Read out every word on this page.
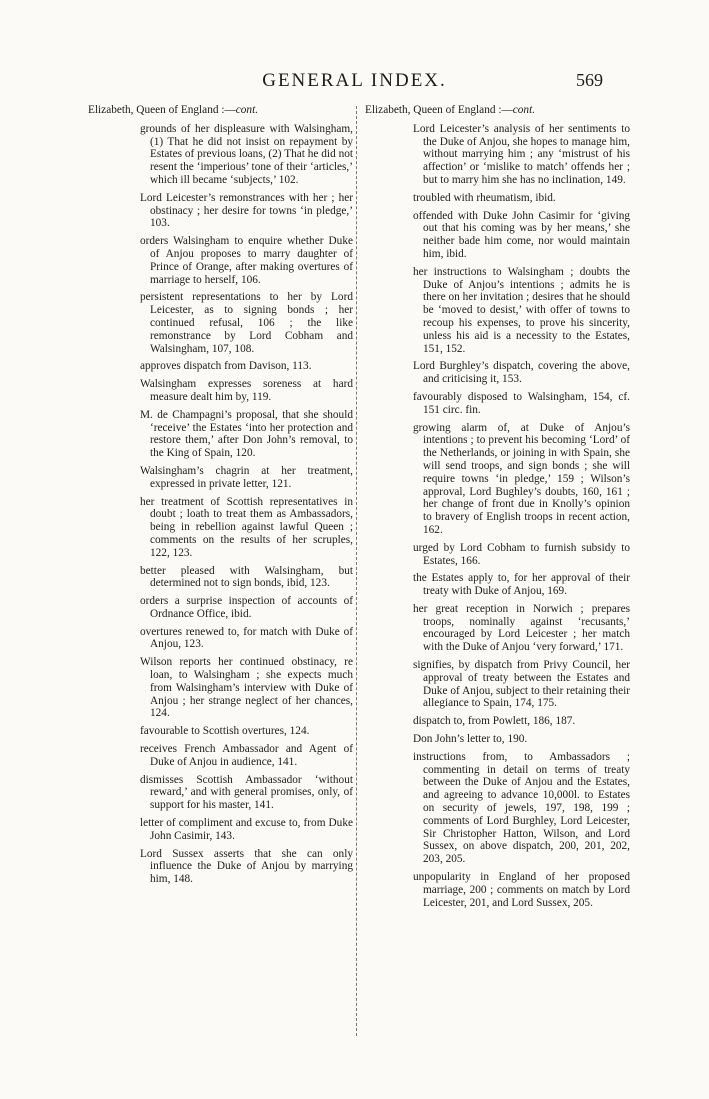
GENERAL INDEX.	569
Elizabeth, Queen of England :—cont.

grounds of her displeasure with Walsingham, (1) That he did not insist on repayment by Estates of previous loans, (2) That he did not resent the ‘imperious’ tone of their ‘articles,’ which ill became ‘subjects,’ 102.

Lord Leicester’s remonstrances with her ; her obstinacy ; her desire for towns ‘in pledge,’ 103.

orders Walsingham to enquire whether Duke of Anjou proposes to marry daughter of Prince of Orange, after making overtures of marriage to herself, 106.

persistent representations to her by Lord Leicester, as to signing bonds ; her continued refusal, 106 ; the like remonstrance by Lord Cobham and Walsingham, 107, 108.

approves dispatch from Davison, 113.

Walsingham expresses soreness at hard measure dealt him by, 119.

M. de Champagni’s proposal, that she should ‘receive’ the Estates ‘into her protection and restore them,’ after Don John’s removal, to the King of Spain, 120.

Walsingham’s chagrin at her treatment, expressed in private letter, 121.

her treatment of Scottish representatives in doubt ; loath to treat them as Ambassadors, being in rebellion against lawful Queen ; comments on the results of her scruples, 122, 123.

better pleased with Walsingham, but determined not to sign bonds, ibid, 123.

orders a surprise inspection of accounts of Ordnance Office, ibid.

overtures renewed to, for match with Duke of Anjou, 123.

Wilson reports her continued obstinacy, re loan, to Walsingham ; she expects much from Walsingham’s interview with Duke of Anjou ; her strange neglect of her chances, 124.

favourable to Scottish overtures, 124.

receives French Ambassador and Agent of Duke of Anjou in audience, 141.

dismisses Scottish Ambassador ‘without reward,’ and with general promises, only, of support for his master, 141.

letter of compliment and excuse to, from Duke John Casimir, 143.

Lord Sussex asserts that she can only influence the Duke of Anjou by marrying him, 148.

Elizabeth, Queen of England :—cont.

Lord Leicester’s analysis of her sentiments to the Duke of Anjou, she hopes to manage him, without marrying him ; any ‘mistrust of his affection’ or ‘mislike to match’ offends her ; but to marry him she has no inclination, 149.

troubled with rheumatism, ibid.

offended with Duke John Casimir for ‘giving out that his coming was by her means,’ she neither bade him come, nor would maintain him, ibid.

her instructions to Walsingham ; doubts the Duke of Anjou’s intentions ; admits he is there on her invitation ; desires that he should be ‘moved to desist,’ with offer of towns to recoup his expenses, to prove his sincerity, unless his aid is a necessity to the Estates, 151, 152.

Lord Burghley’s dispatch, covering the above, and criticising it, 153.

favourably disposed to Walsingham, 154, cf. 151 circ. fin.

growing alarm of, at Duke of Anjou’s intentions ; to prevent his becoming ‘Lord’ of the Netherlands, or joining in with Spain, she will send troops, and sign bonds ; she will require towns ‘in pledge,’ 159 ; Wilson’s approval, Lord Bughley’s doubts, 160, 161 ; her change of front due in Knolly’s opinion to bravery of English troops in recent action, 162.

urged by Lord Cobham to furnish subsidy to Estates, 166.

the Estates apply to, for her approval of their treaty with Duke of Anjou, 169.

her great reception in Norwich ; prepares troops, nominally against ‘recusants,’ encouraged by Lord Leicester ; her match with the Duke of Anjou ‘very forward,’ 171.

signifies, by dispatch from Privy Council, her approval of treaty between the Estates and Duke of Anjou, subject to their retaining their allegiance to Spain, 174, 175.

dispatch to, from Powlett, 186, 187.

Don John’s letter to, 190.

instructions from, to Ambassadors ; commenting in detail on terms of treaty between the Duke of Anjou and the Estates, and agreeing to advance 10,000l. to Estates on security of jewels, 197, 198, 199 ; comments of Lord Burghley, Lord Leicester, Sir Christopher Hatton, Wilson, and Lord Sussex, on above dispatch, 200, 201, 202, 203, 205.

unpopularity in England of her proposed marriage, 200 ; comments on match by Lord Leicester, 201, and Lord Sussex, 205.
